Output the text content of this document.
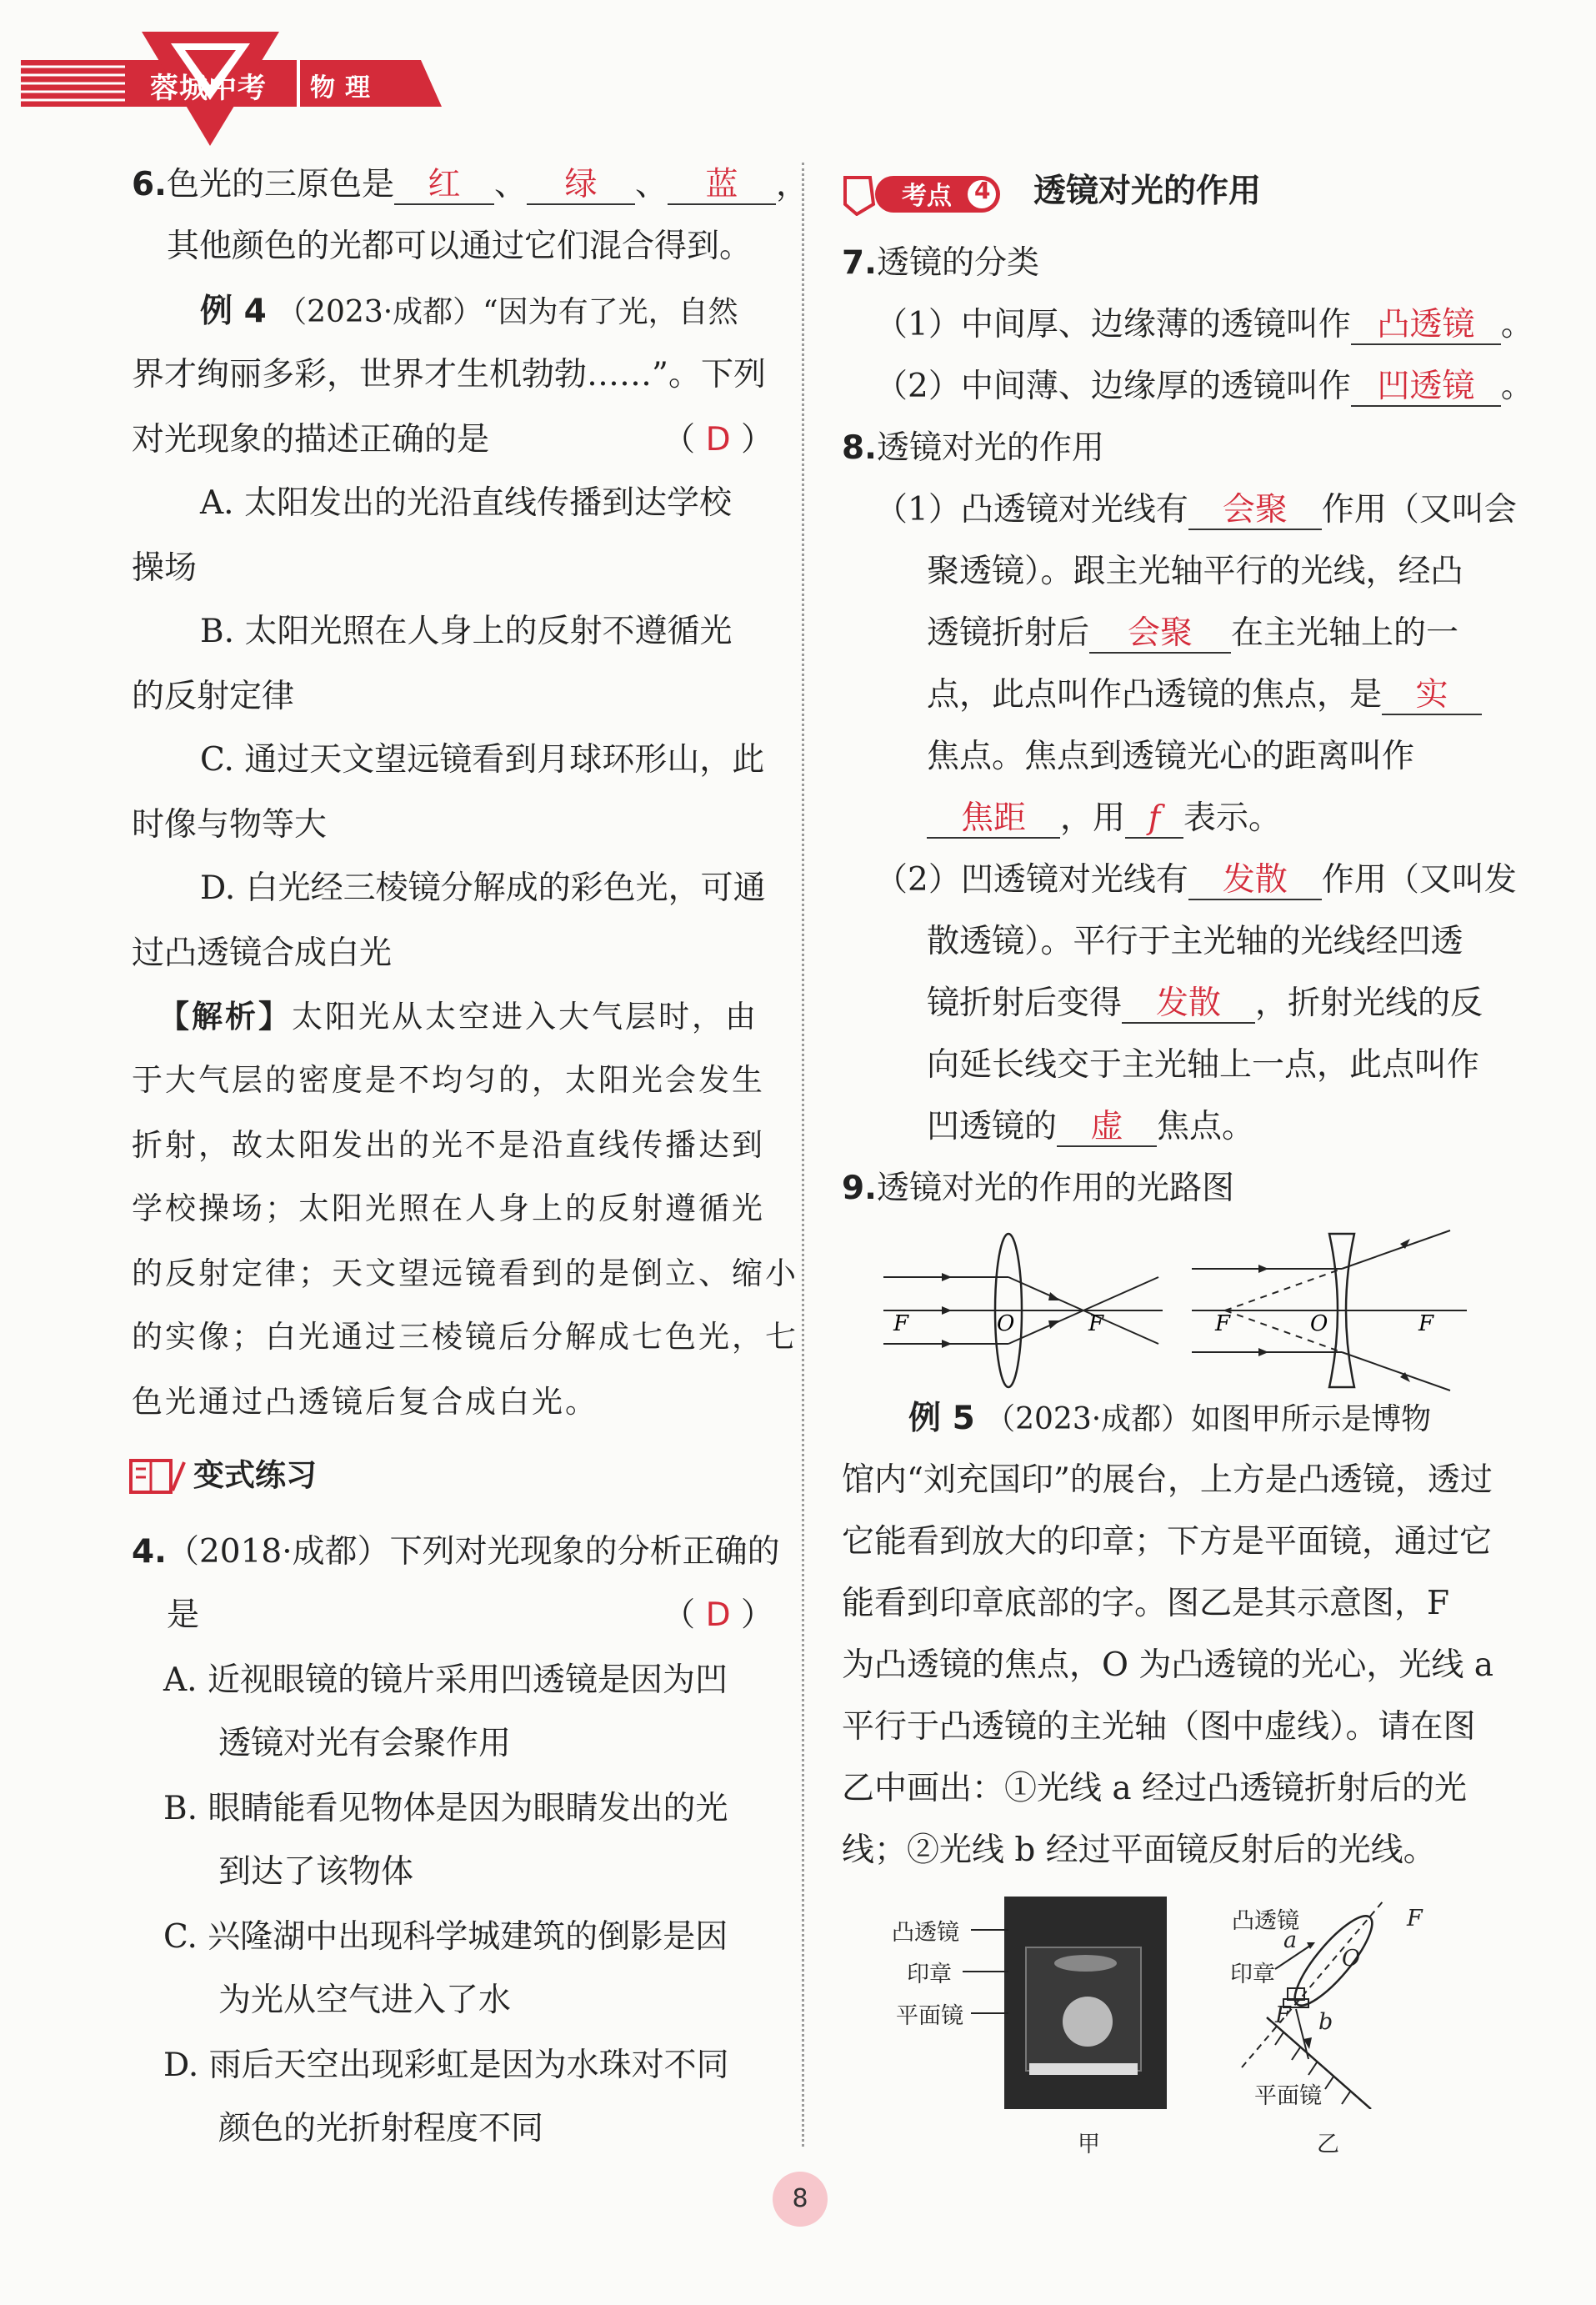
蓉城中考 物理
6.色光的三原色是 红 、 绿 、 蓝 ，
其他颜色的光都可以通过它们混合得到。
例 4 （2023·成都）“因为有了光，自然
界才绚丽多彩，世界才生机勃勃……”。下列
对光现象的描述正确的是	（ D ）
A. 太阳发出的光沿直线传播到达学校
操场
B. 太阳光照在人身上的反射不遵循光
的反射定律
C. 通过天文望远镜看到月球环形山，此
时像与物等大
D. 白光经三棱镜分解成的彩色光，可通
过凸透镜合成白光
【解析】太阳光从太空进入大气层时，由
于大气层的密度是不均匀的，太阳光会发生
折射，故太阳发出的光不是沿直线传播达到
学校操场；太阳光照在人身上的反射遵循光
的反射定律；天文望远镜看到的是倒立、缩小
的实像；白光通过三棱镜后分解成七色光，七
色光通过凸透镜后复合成白光。
变式练习
4.（2018·成都）下列对光现象的分析正确的
是	（ D ）
A. 近视眼镜的镜片采用凹透镜是因为凹
透镜对光有会聚作用
B. 眼睛能看见物体是因为眼睛发出的光
到达了该物体
C. 兴隆湖中出现科学城建筑的倒影是因
为光从空气进入了水
D. 雨后天空出现彩虹是因为水珠对不同
颜色的光折射程度不同
考点 4 透镜对光的作用
7.透镜的分类
（1）中间厚、边缘薄的透镜叫作 凸透镜 。
（2）中间薄、边缘厚的透镜叫作 凹透镜 。
8.透镜对光的作用
（1）凸透镜对光线有 会聚 作用（又叫会
聚透镜）。跟主光轴平行的光线，经凸
透镜折射后 会聚 在主光轴上的一
点，此点叫作凸透镜的焦点，是 实
焦点。焦点到透镜光心的距离叫作
焦距 ，用 f 表示。
（2）凹透镜对光线有 发散 作用（又叫发
散透镜）。平行于主光轴的光线经凹透
镜折射后变得 发散 ，折射光线的反
向延长线交于主光轴上一点，此点叫作
凹透镜的 虚 焦点。
9.透镜对光的作用的光路图
F	O	F	F	O	F
例 5 （2023·成都）如图甲所示是博物
馆内“刘充国印”的展台，上方是凸透镜，透过
它能看到放大的印章；下方是平面镜，通过它
能看到印章底部的字。图乙是其示意图，F
为凸透镜的焦点，O 为凸透镜的光心，光线 a
平行于凸透镜的主光轴（图中虚线）。请在图
乙中画出：①光线 a 经过凸透镜折射后的光
线；②光线 b 经过平面镜反射后的光线。
凸透镜
印章
平面镜
甲
凸透镜
印章
平面镜
F
F
O
a
b
乙
8
